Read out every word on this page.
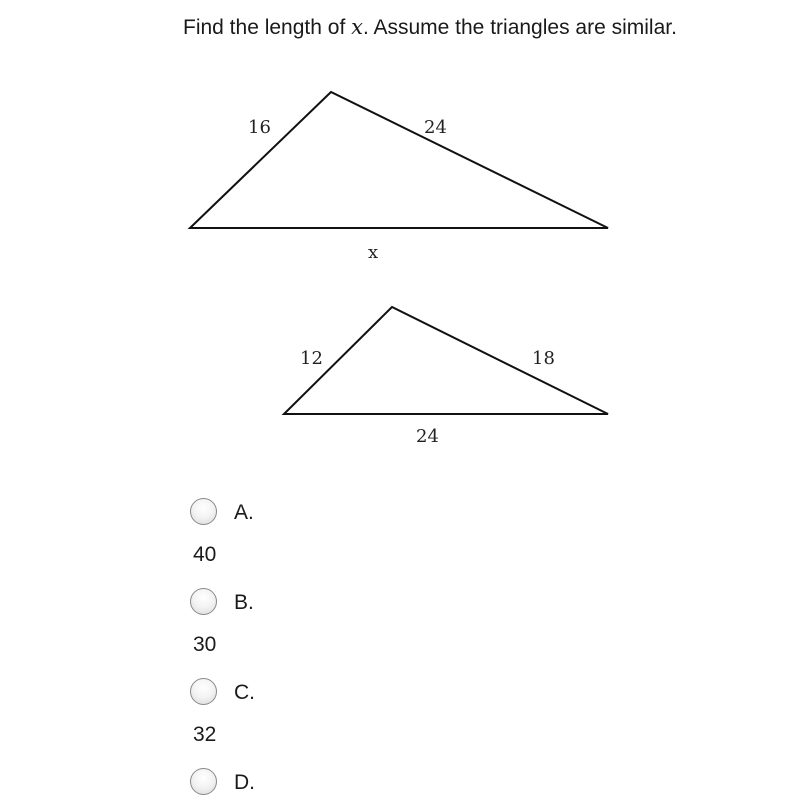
Find the length of x. Assume the triangles are similar.
16	24
x
12	18
24
A.
40
B.
30
C.
32
D.
